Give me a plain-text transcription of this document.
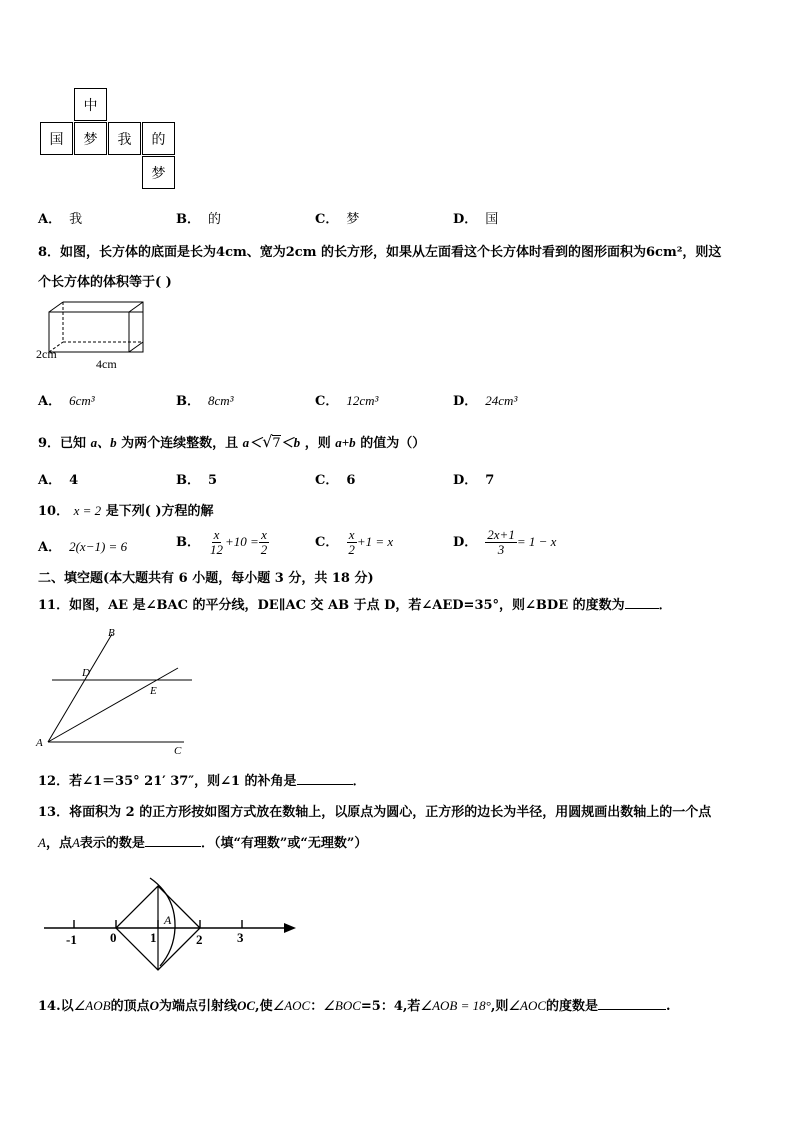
中
国 梦 我 的
梦
A． 我	B． 的	C． 梦	D． 国
8．如图，长方体的底面是长为4cm、宽为2cm 的长方形，如果从左面看这个长方体时看到的图形面积为6cm²，则这
个长方体的体积等于( )
2cm
4cm
A． 6cm³	B． 8cm³	C． 12cm³	D． 24cm³
9．已知 a、b 为两个连续整数，且 a＜√7＜b ，则 a+b 的值为（）
A． 4	B． 5	C． 6	D． 7
10． x = 2 是下列( )方程的解
A． 2(x−1) = 6	B． $\frac{x}{12} +10 = \frac{x}{2}$	C． $\frac{x}{2} +1 = x$	D． $\frac{2x+1}{3} = 1 - x$
二、填空题(本大题共有 6 小题，每小题 3 分，共 18 分)
11．如图，AE 是∠BAC 的平分线，DE∥AC 交 AB 于点 D，若∠AED=35°，则∠BDE 的度数为	．
B
D
E
A
C
12．若∠1＝35° 21′ 37″，则∠1 的补角是	．
13．将面积为 2 的正方形按如图方式放在数轴上，以原点为圆心，正方形的边长为半径，用圆规画出数轴上的一个点
A，点A表示的数是	．（填“有理数”或“无理数”）
-1	0	1	2	3
A
14.以∠AOB的顶点O为端点引射线OC,使∠AOC：∠BOC=5：4,若∠AOB = 18°,则∠AOC的度数是	.
